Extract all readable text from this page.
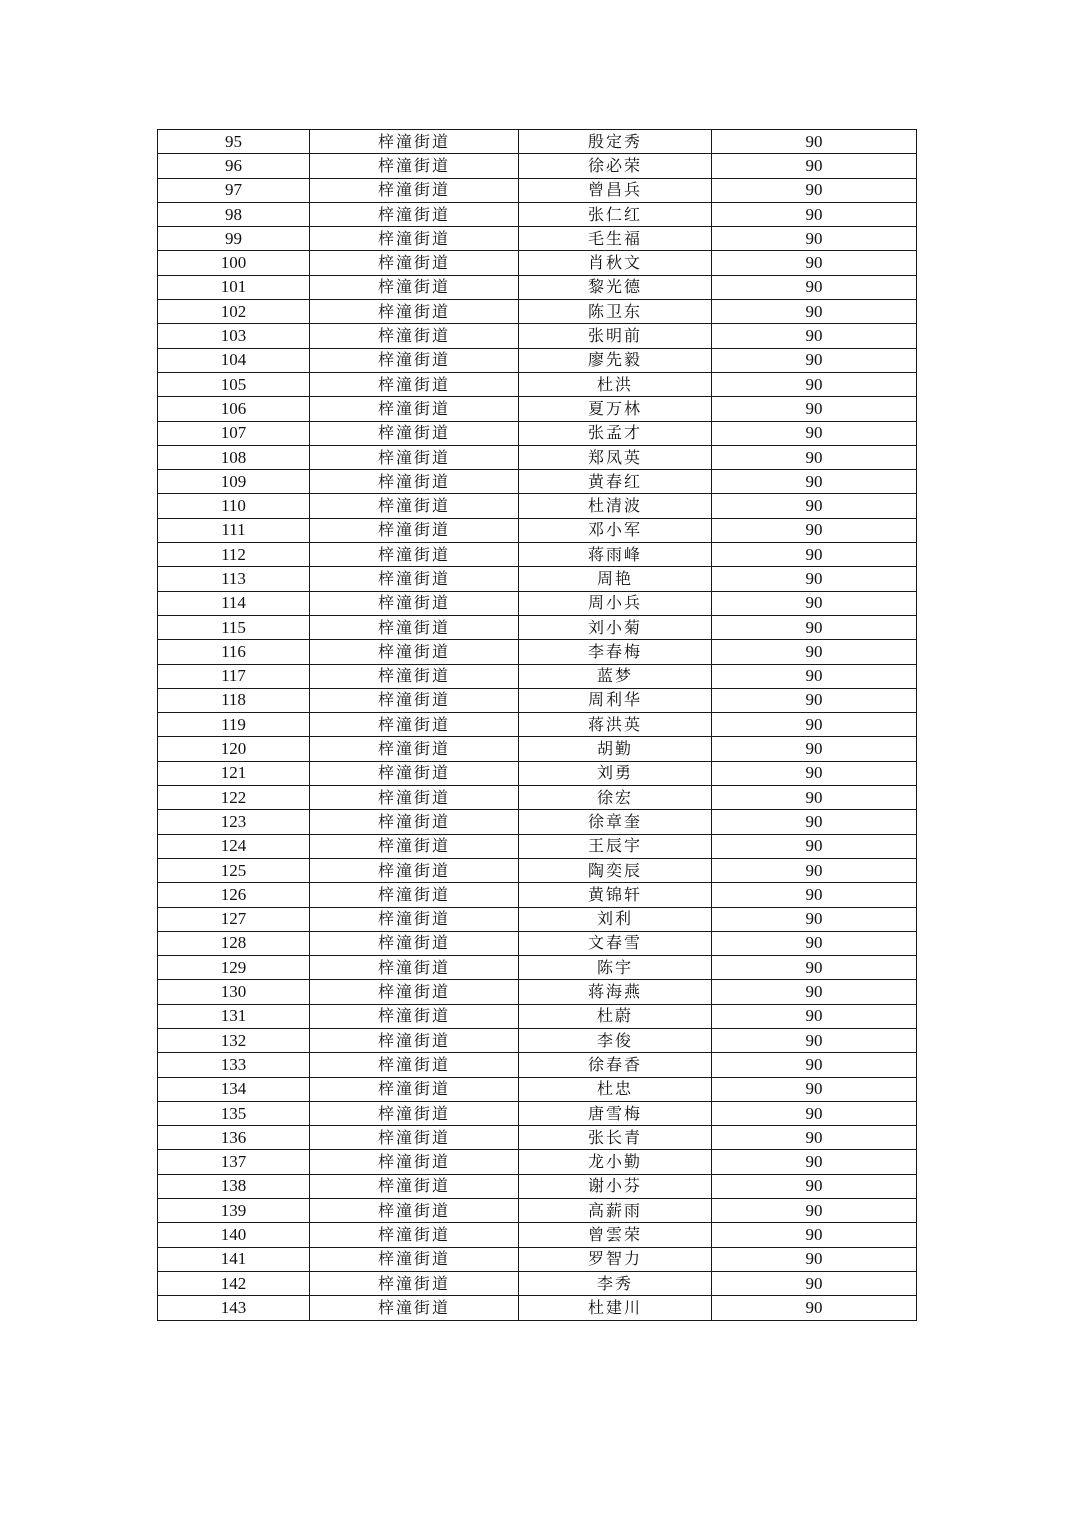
95	梓潼街道	殷定秀	90
96	梓潼街道	徐必荣	90
97	梓潼街道	曾昌兵	90
98	梓潼街道	张仁红	90
99	梓潼街道	毛生福	90
100	梓潼街道	肖秋文	90
101	梓潼街道	黎光德	90
102	梓潼街道	陈卫东	90
103	梓潼街道	张明前	90
104	梓潼街道	廖先毅	90
105	梓潼街道	杜洪	90
106	梓潼街道	夏万林	90
107	梓潼街道	张孟才	90
108	梓潼街道	郑凤英	90
109	梓潼街道	黄春红	90
110	梓潼街道	杜清波	90
111	梓潼街道	邓小军	90
112	梓潼街道	蒋雨峰	90
113	梓潼街道	周艳	90
114	梓潼街道	周小兵	90
115	梓潼街道	刘小菊	90
116	梓潼街道	李春梅	90
117	梓潼街道	蓝梦	90
118	梓潼街道	周利华	90
119	梓潼街道	蒋洪英	90
120	梓潼街道	胡勤	90
121	梓潼街道	刘勇	90
122	梓潼街道	徐宏	90
123	梓潼街道	徐章奎	90
124	梓潼街道	王辰宇	90
125	梓潼街道	陶奕辰	90
126	梓潼街道	黄锦轩	90
127	梓潼街道	刘利	90
128	梓潼街道	文春雪	90
129	梓潼街道	陈宇	90
130	梓潼街道	蒋海燕	90
131	梓潼街道	杜蔚	90
132	梓潼街道	李俊	90
133	梓潼街道	徐春香	90
134	梓潼街道	杜忠	90
135	梓潼街道	唐雪梅	90
136	梓潼街道	张长青	90
137	梓潼街道	龙小勤	90
138	梓潼街道	谢小芬	90
139	梓潼街道	高薪雨	90
140	梓潼街道	曾雲荣	90
141	梓潼街道	罗智力	90
142	梓潼街道	李秀	90
143	梓潼街道	杜建川	90
